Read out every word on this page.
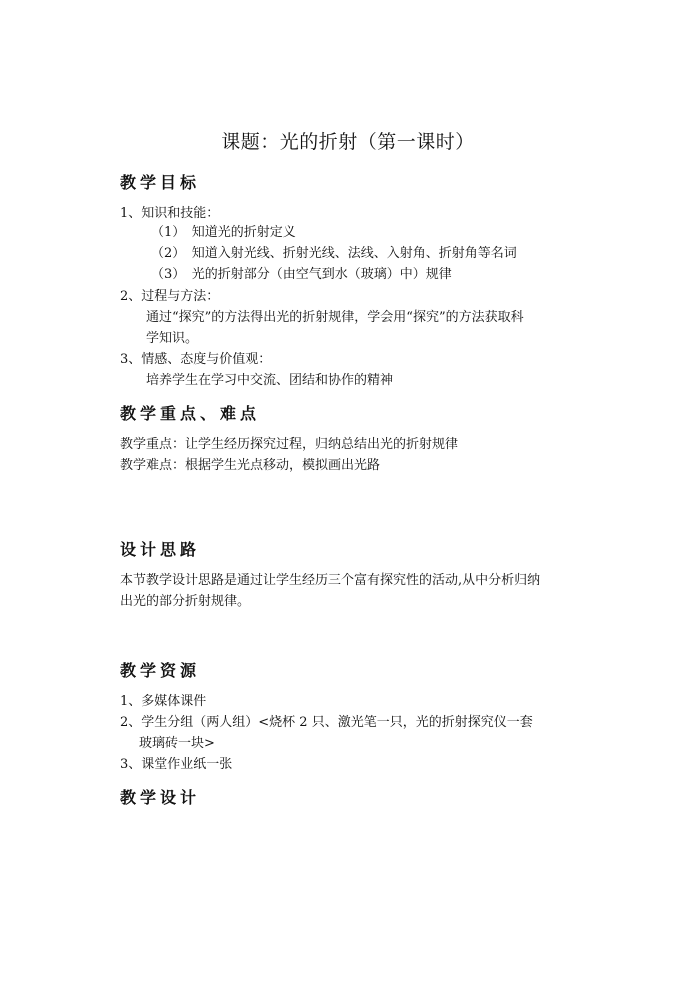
课题：光的折射（第一课时）
教学目标
1、知识和技能：
（1）　知道光的折射定义
（2）　知道入射光线、折射光线、法线、入射角、折射角等名词
（3）　光的折射部分（由空气到水（玻璃）中）规律
2、过程与方法：
通过“探究”的方法得出光的折射规律，学会用“探究”的方法获取科
学知识。
3、情感、态度与价值观：
培养学生在学习中交流、团结和协作的精神
教学重点、难点
教学重点：让学生经历探究过程，归纳总结出光的折射规律
教学难点：根据学生光点移动，模拟画出光路
设计思路
本节教学设计思路是通过让学生经历三个富有探究性的活动,从中分析归纳
出光的部分折射规律。
教学资源
1、多媒体课件
2、学生分组（两人组）<烧杯 2 只、激光笔一只，光的折射探究仪一套
玻璃砖一块>
3、课堂作业纸一张
教学设计
